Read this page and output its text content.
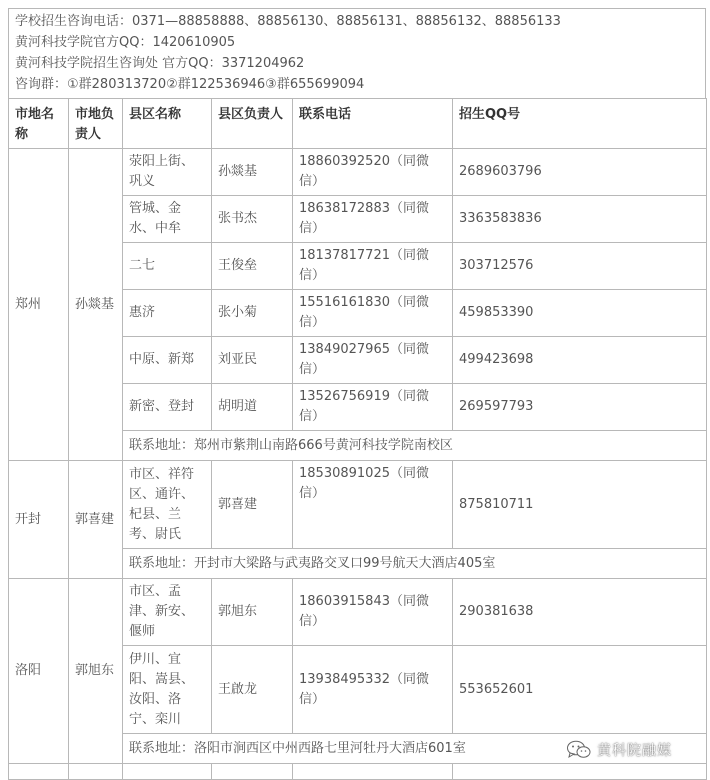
学校招生咨询电话：0371—88858888、88856130、88856131、88856132、88856133
黄河科技学院官方QQ：1420610905
黄河科技学院招生咨询处 官方QQ：3371204962
咨询群：①群280313720②群122536946③群655699094
市地名称	市地负责人	县区名称	县区负责人	联系电话	招生QQ号
郑州	孙燚基	荥阳上街、巩义	孙燚基	18860392520（同微信）	2689603796
		管城、金水、中牟	张书杰	18638172883（同微信）	3363583836
		二七	王俊垒	18137817721（同微信）	303712576
		惠济	张小菊	15516161830（同微信）	459853390
		中原、新郑	刘亚民	13849027965（同微信）	499423698
		新密、登封	胡明道	13526756919（同微信）	269597793
		联系地址：郑州市紫荆山南路666号黄河科技学院南校区			
开封	郭喜建	市区、祥符区、通许、杞县、兰考、尉氏	郭喜建	18530891025（同微信）	875810711
		联系地址：开封市大梁路与武夷路交叉口99号航天大酒店405室			
洛阳	郭旭东	市区、孟津、新安、偃师	郭旭东	18603915843（同微信）	290381638
		伊川、宜阳、嵩县、汝阳、洛宁、栾川	王啟龙	13938495332（同微信）	553652601
		联系地址：洛阳市涧西区中州西路七里河牡丹大酒店601室			
						黄科院融媒
